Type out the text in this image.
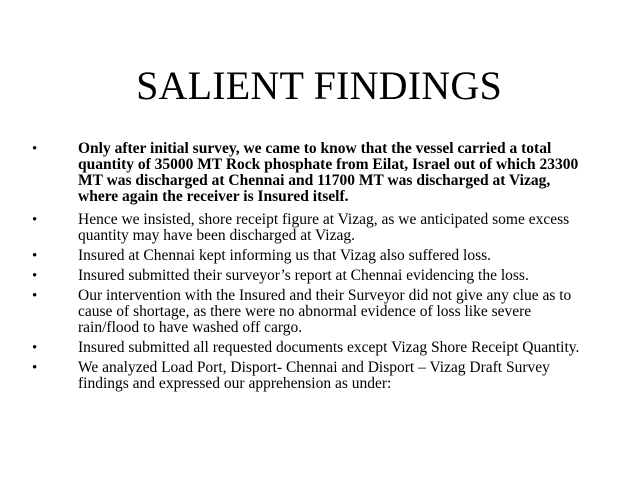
SALIENT FINDINGS
•	Only after initial survey, we came to know that the vessel carried a total quantity of 35000 MT Rock phosphate from Eilat, Israel out of which 23300 MT was discharged at Chennai and 11700 MT was discharged at Vizag, where again the receiver is Insured itself.
•	Hence we insisted, shore receipt figure at Vizag, as we anticipated some excess quantity may have been discharged at Vizag.
•	Insured at Chennai kept informing us that Vizag also suffered loss.
•	Insured submitted their surveyor’s report at Chennai evidencing the loss.
•	Our intervention with the Insured and their Surveyor did not give any clue as to cause of shortage, as there were no abnormal evidence of loss like severe rain/flood to have washed off cargo.
•	Insured submitted all requested documents except Vizag Shore Receipt Quantity.
•	We analyzed Load Port, Disport- Chennai and Disport – Vizag Draft Survey findings and expressed our apprehension as under:
